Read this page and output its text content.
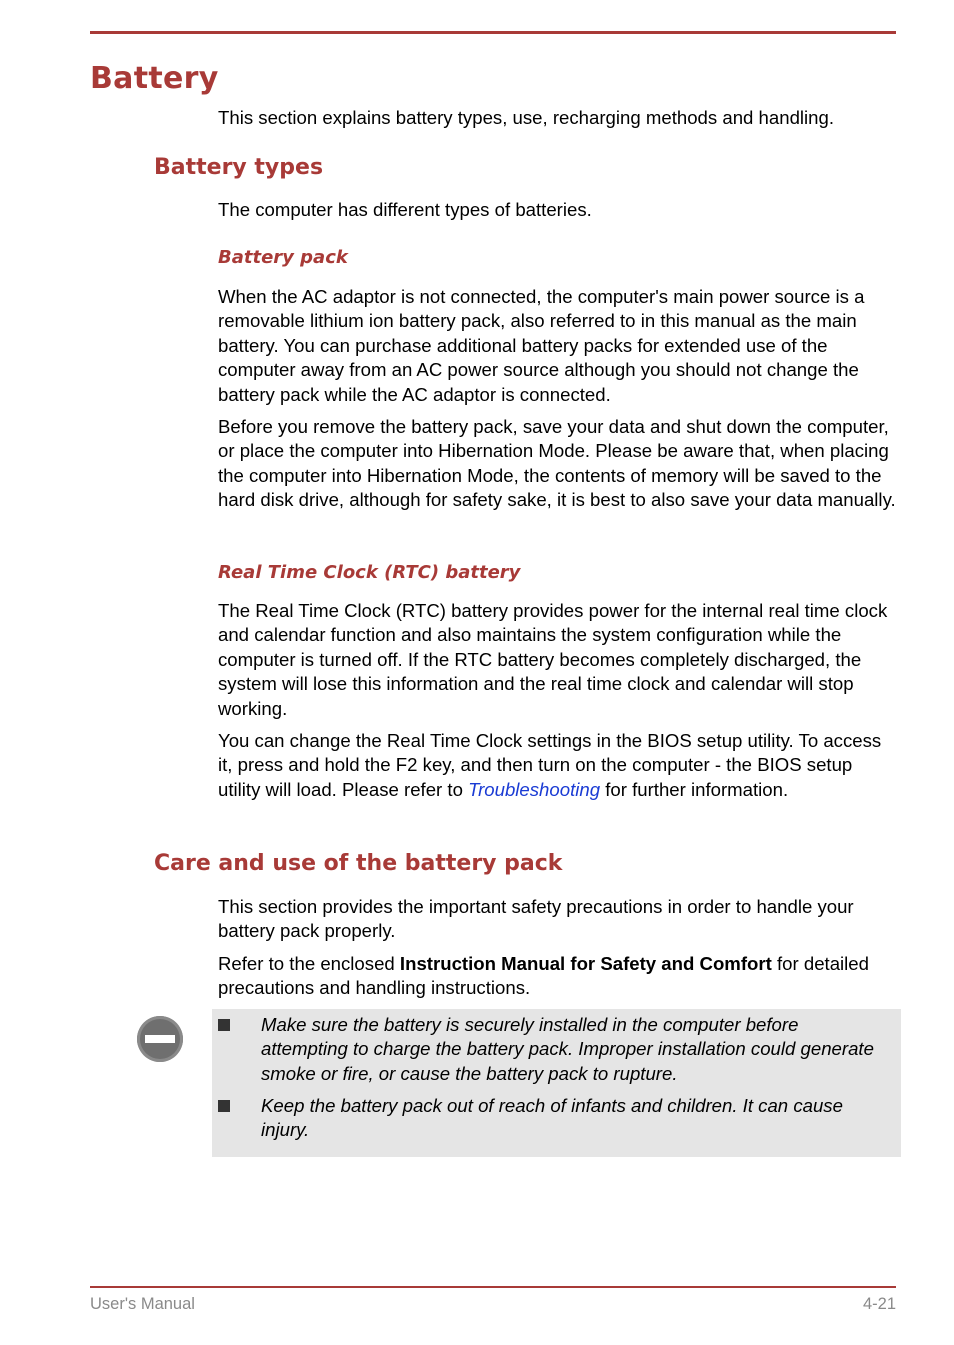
Battery

This section explains battery types, use, recharging methods and handling.

Battery types

The computer has different types of batteries.

Battery pack

When the AC adaptor is not connected, the computer's main power source is a removable lithium ion battery pack, also referred to in this manual as the main battery. You can purchase additional battery packs for extended use of the computer away from an AC power source although you should not change the battery pack while the AC adaptor is connected.

Before you remove the battery pack, save your data and shut down the computer, or place the computer into Hibernation Mode. Please be aware that, when placing the computer into Hibernation Mode, the contents of memory will be saved to the hard disk drive, although for safety sake, it is best to also save your data manually.

Real Time Clock (RTC) battery

The Real Time Clock (RTC) battery provides power for the internal real time clock and calendar function and also maintains the system configuration while the computer is turned off. If the RTC battery becomes completely discharged, the system will lose this information and the real time clock and calendar will stop working.

You can change the Real Time Clock settings in the BIOS setup utility. To access it, press and hold the F2 key, and then turn on the computer - the BIOS setup utility will load. Please refer to Troubleshooting for further information.

Care and use of the battery pack

This section provides the important safety precautions in order to handle your battery pack properly.

Refer to the enclosed Instruction Manual for Safety and Comfort for detailed precautions and handling instructions.

Make sure the battery is securely installed in the computer before attempting to charge the battery pack. Improper installation could generate smoke or fire, or cause the battery pack to rupture.

Keep the battery pack out of reach of infants and children. It can cause injury.

User's Manual	4-21
